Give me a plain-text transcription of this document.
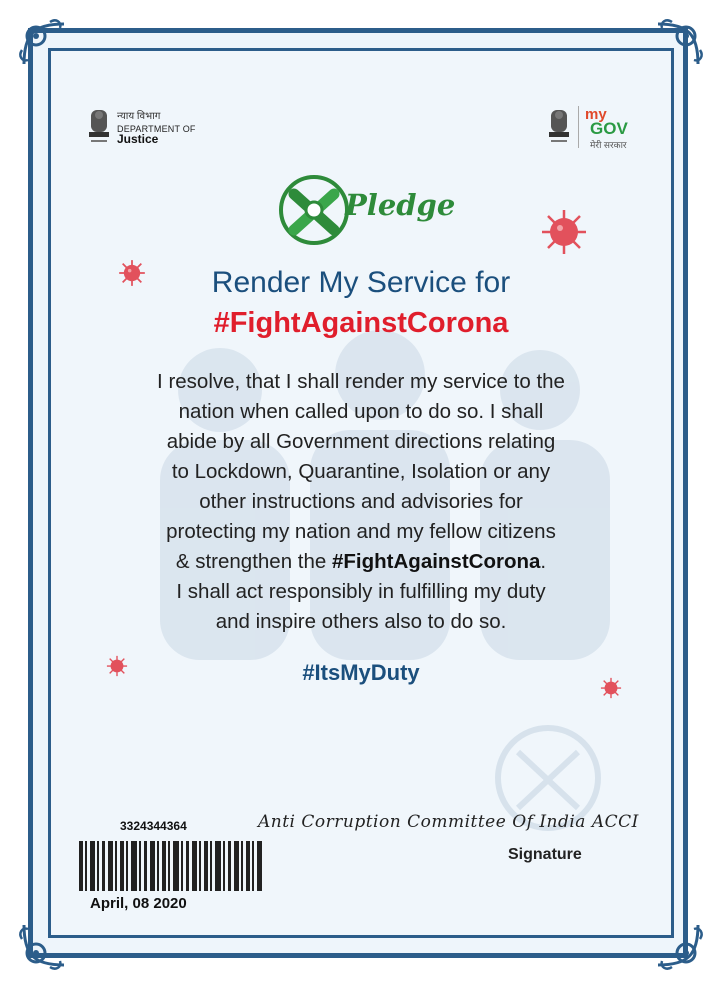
न्याय विभाग
DEPARTMENT OF
Justice
my
GOV
मेरी सरकार
Pledge
Render My Service for
#FightAgainstCorona
I resolve, that I shall render my service to the
nation when called upon to do so. I shall
abide by all Government directions relating
to Lockdown, Quarantine, Isolation or any
other instructions and advisories for
protecting my nation and my fellow citizens
& strengthen the #FightAgainstCorona.
I shall act responsibly in fulfilling my duty
and inspire others also to do so.
#ItsMyDuty
3324344364	Anti Corruption Committee Of India ACCI
Signature
April, 08 2020
